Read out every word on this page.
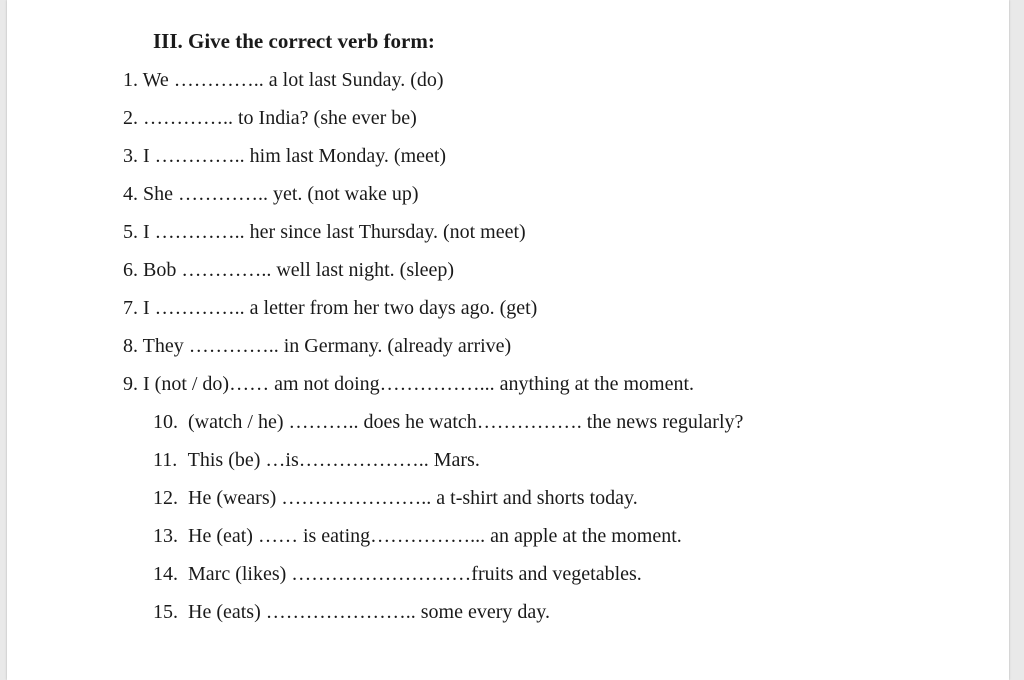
III. Give the correct verb form:
1. We ………….. a lot last Sunday. (do)
2. ………….. to India? (she ever be)
3. I ………….. him last Monday. (meet)
4. She ………….. yet. (not wake up)
5. I ………….. her since last Thursday. (not meet)
6. Bob ………….. well last night. (sleep)
7. I ………….. a letter from her two days ago. (get)
8. They ………….. in Germany. (already arrive)
9. I (not / do)…… am not doing……………... anything at the moment.
10. (watch / he) ……….. does he watch……………. the news regularly?
11. This (be) …is……………….. Mars.
12. He (wears) ………………….. a t-shirt and shorts today.
13. He (eat) …… is eating……………... an apple at the moment.
14. Marc (likes) ………………………fruits and vegetables.
15. He (eats) ………………….. some every day.
